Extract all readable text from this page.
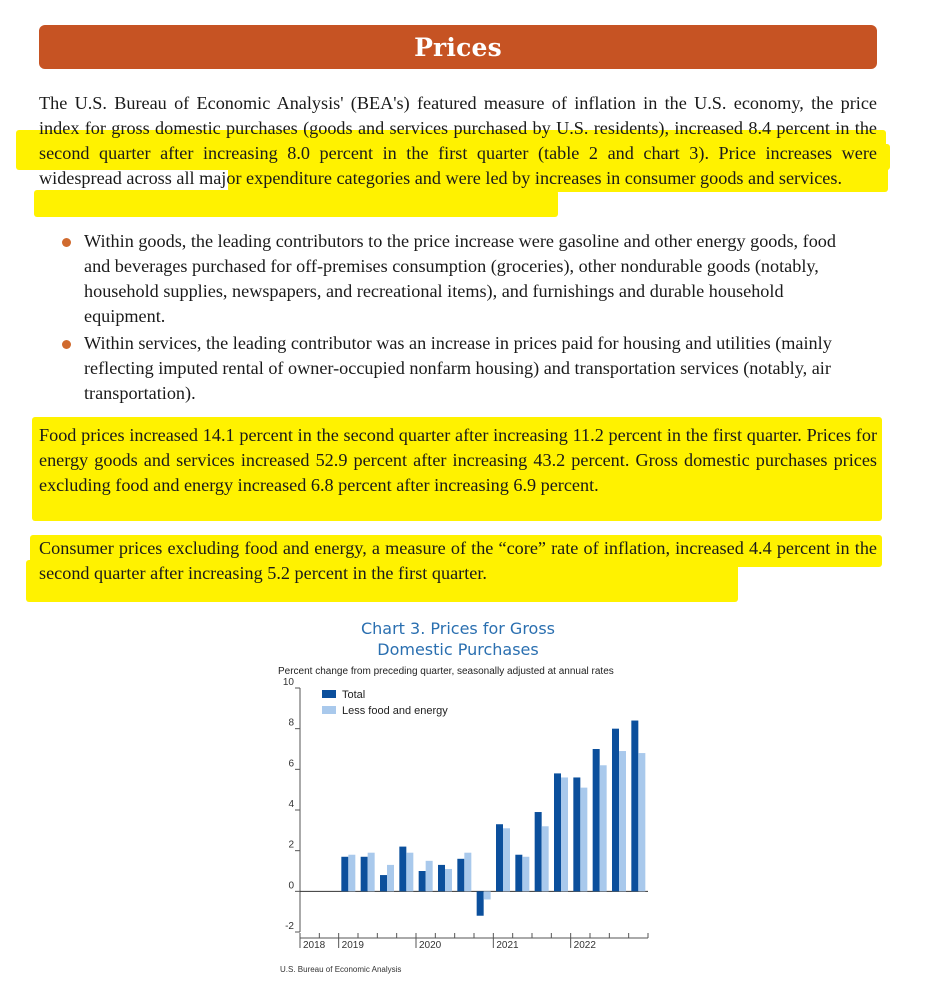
Prices

The U.S. Bureau of Economic Analysis' (BEA's) featured measure of inflation in the U.S. economy, the price index for gross domestic purchases (goods and services purchased by U.S. residents), increased 8.4 percent in the second quarter after increasing 8.0 percent in the first quarter (table 2 and chart 3). Price increases were widespread across all major expenditure categories and were led by increases in consumer goods and services.

Within goods, the leading contributors to the price increase were gasoline and other energy goods, food and beverages purchased for off-premises consumption (groceries), other nondurable goods (notably, household supplies, newspapers, and recreational items), and furnishings and durable household equipment.
Within services, the leading contributor was an increase in prices paid for housing and utilities (mainly reflecting imputed rental of owner-occupied nonfarm housing) and transportation services (notably, air transportation).

Food prices increased 14.1 percent in the second quarter after increasing 11.2 percent in the first quarter. Prices for energy goods and services increased 52.9 percent after increasing 43.2 percent. Gross domestic purchases prices excluding food and energy increased 6.8 percent after increasing 6.9 percent.

Consumer prices excluding food and energy, a measure of the “core” rate of inflation, increased 4.4 percent in the second quarter after increasing 5.2 percent in the first quarter.

Chart 3. Prices for Gross
Domestic Purchases
Percent change from preceding quarter, seasonally adjusted at annual rates
U.S. Bureau of Economic Analysis
-2
0
2
4
6
8
10
2018 2019	2020	2021	2022
Total
Less food and energy
